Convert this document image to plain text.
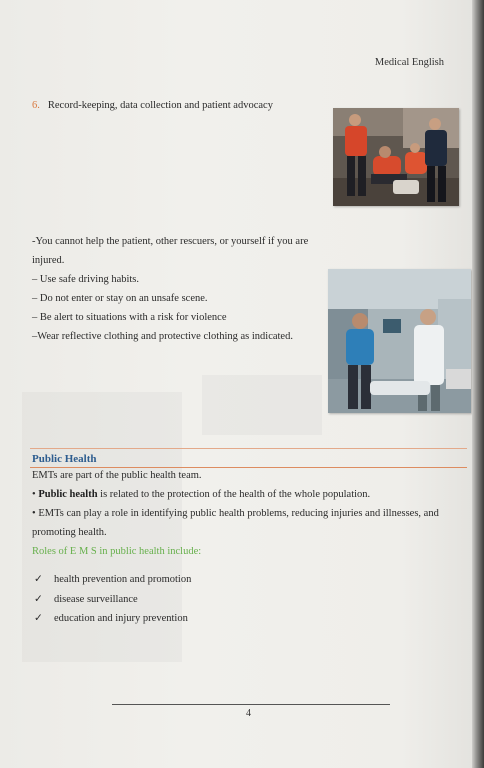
Medical English
6. Record-keeping, data collection and patient advocacy
-You cannot help the patient, other rescuers, or yourself if you are injured.
– Use safe driving habits.
– Do not enter or stay on an unsafe scene.
– Be alert to situations with a risk for violence
–Wear reflective clothing and protective clothing as indicated.
Public Health
EMTs are part of the public health team.
• Public health is related to the protection of the health of the whole population.
• EMTs can play a role in identifying public health problems, reducing injuries and illnesses, and promoting health.
Roles of E M S in public health include:
✓ health prevention and promotion
✓ disease surveillance
✓ education and injury prevention
4
